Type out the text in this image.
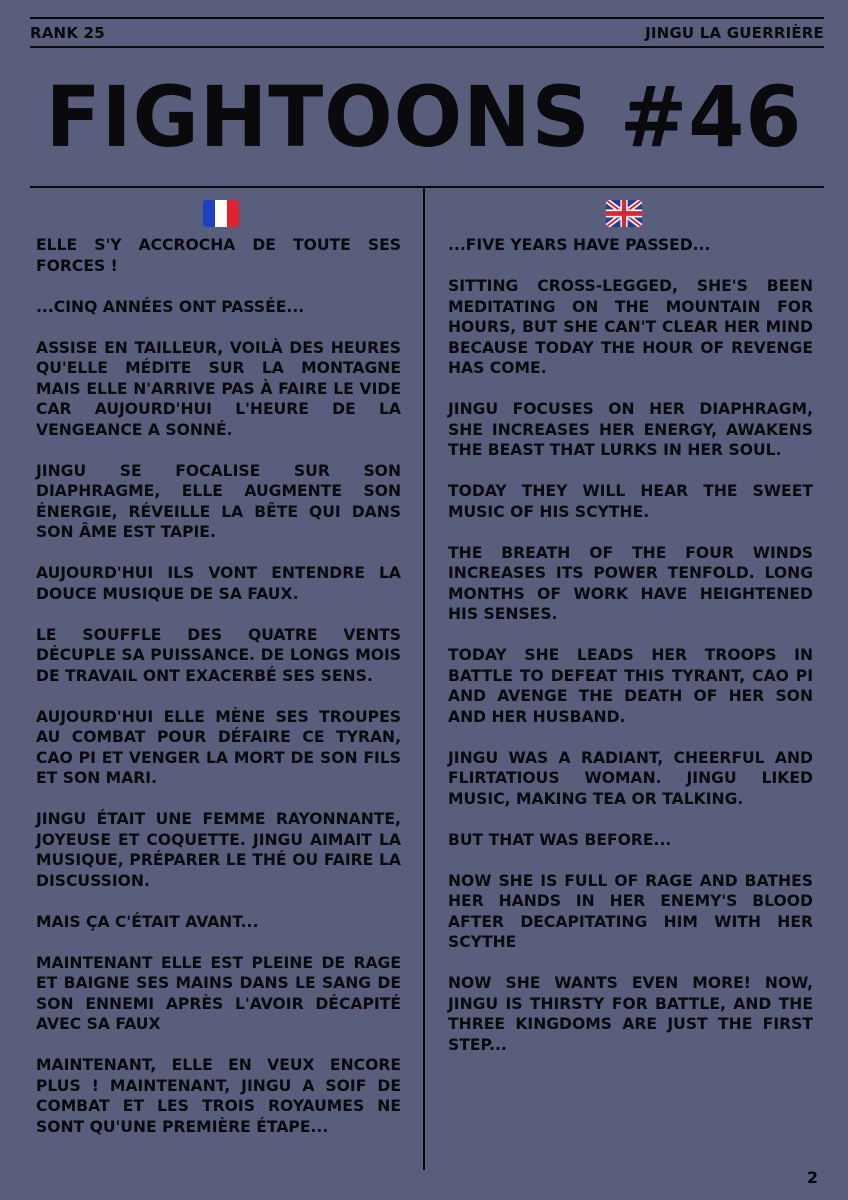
RANK 25	JINGU LA GUERRIÈRE
FIGHTOONS #46

ELLE S'Y ACCROCHA DE TOUTE SES FORCES !

...CINQ ANNÉES ONT PASSÉE...

ASSISE EN TAILLEUR, VOILÀ DES HEURES QU'ELLE MÉDITE SUR LA MONTAGNE MAIS ELLE N'ARRIVE PAS À FAIRE LE VIDE CAR AUJOURD'HUI L'HEURE DE LA VENGEANCE A SONNÉ.

JINGU SE FOCALISE SUR SON DIAPHRAGME, ELLE AUGMENTE SON ÉNERGIE, RÉVEILLE LA BÊTE QUI DANS SON ÂME EST TAPIE.

AUJOURD'HUI ILS VONT ENTENDRE LA DOUCE MUSIQUE DE SA FAUX.

LE SOUFFLE DES QUATRE VENTS DÉCUPLE SA PUISSANCE. DE LONGS MOIS DE TRAVAIL ONT EXACERBÉ SES SENS.

AUJOURD'HUI ELLE MÈNE SES TROUPES AU COMBAT POUR DÉFAIRE CE TYRAN, CAO PI ET VENGER LA MORT DE SON FILS ET SON MARI.

JINGU ÉTAIT UNE FEMME RAYONNANTE, JOYEUSE ET COQUETTE. JINGU AIMAIT LA MUSIQUE, PRÉPARER LE THÉ OU FAIRE LA DISCUSSION.

MAIS ÇA C'ÉTAIT AVANT...

MAINTENANT ELLE EST PLEINE DE RAGE ET BAIGNE SES MAINS DANS LE SANG DE SON ENNEMI APRÈS L'AVOIR DÉCAPITÉ AVEC SA FAUX

MAINTENANT, ELLE EN VEUX ENCORE PLUS ! MAINTENANT, JINGU A SOIF DE COMBAT ET LES TROIS ROYAUMES NE SONT QU'UNE PREMIÈRE ÉTAPE...

...FIVE YEARS HAVE PASSED...

SITTING CROSS-LEGGED, SHE'S BEEN MEDITATING ON THE MOUNTAIN FOR HOURS, BUT SHE CAN'T CLEAR HER MIND BECAUSE TODAY THE HOUR OF REVENGE HAS COME.

JINGU FOCUSES ON HER DIAPHRAGM, SHE INCREASES HER ENERGY, AWAKENS THE BEAST THAT LURKS IN HER SOUL.

TODAY THEY WILL HEAR THE SWEET MUSIC OF HIS SCYTHE.

THE BREATH OF THE FOUR WINDS INCREASES ITS POWER TENFOLD. LONG MONTHS OF WORK HAVE HEIGHTENED HIS SENSES.

TODAY SHE LEADS HER TROOPS IN BATTLE TO DEFEAT THIS TYRANT, CAO PI AND AVENGE THE DEATH OF HER SON AND HER HUSBAND.

JINGU WAS A RADIANT, CHEERFUL AND FLIRTATIOUS WOMAN. JINGU LIKED MUSIC, MAKING TEA OR TALKING.

BUT THAT WAS BEFORE...

NOW SHE IS FULL OF RAGE AND BATHES HER HANDS IN HER ENEMY'S BLOOD AFTER DECAPITATING HIM WITH HER SCYTHE

NOW SHE WANTS EVEN MORE! NOW, JINGU IS THIRSTY FOR BATTLE, AND THE THREE KINGDOMS ARE JUST THE FIRST STEP...

2
